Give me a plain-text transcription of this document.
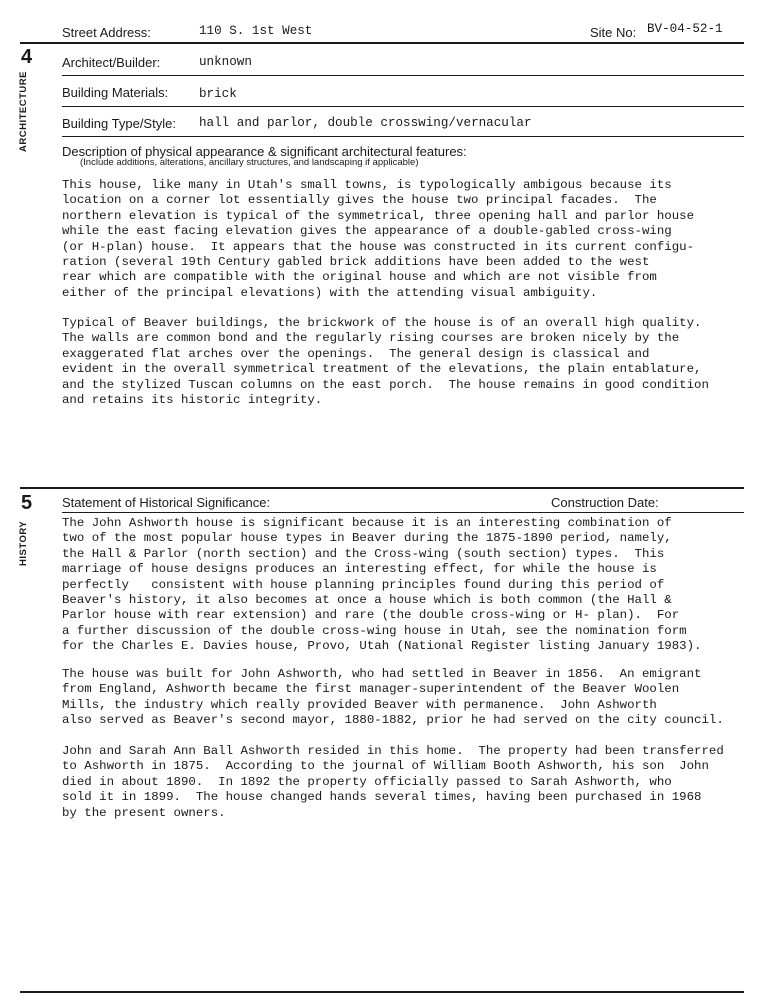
Street Address:	110 S. 1st West	Site No: BV-04-52-1
4
ARCHITECTURE
Architect/Builder:	unknown
Building Materials: brick
Building Type/Style: hall and parlor, double crosswing/vernacular
Description of physical appearance & significant architectural features:
(Include additions, alterations, ancillary structures, and landscaping if applicable)
This house, like many in Utah's small towns, is typologically ambigous because its
location on a corner lot essentially gives the house two principal facades.  The
northern elevation is typical of the symmetrical, three opening hall and parlor house
while the east facing elevation gives the appearance of a double-gabled cross-wing
(or H-plan) house.  It appears that the house was constructed in its current configu-
ration (several 19th Century gabled brick additions have been added to the west
rear which are compatible with the original house and which are not visible from
either of the principal elevations) with the attending visual ambiguity.
Typical of Beaver buildings, the brickwork of the house is of an overall high quality.
The walls are common bond and the regularly rising courses are broken nicely by the
exaggerated flat arches over the openings.  The general design is classical and
evident in the overall symmetrical treatment of the elevations, the plain entablature,
and the stylized Tuscan columns on the east porch.  The house remains in good condition
and retains its historic integrity.
5
HISTORY
Statement of Historical Significance:	Construction Date:
The John Ashworth house is significant because it is an interesting combination of
two of the most popular house types in Beaver during the 1875-1890 period, namely,
the Hall & Parlor (north section) and the Cross-wing (south section) types.  This
marriage of house designs produces an interesting effect, for while the house is
perfectly   consistent with house planning principles found during this period of
Beaver's history, it also becomes at once a house which is both common (the Hall &
Parlor house with rear extension) and rare (the double cross-wing or H- plan).  For
a further discussion of the double cross-wing house in Utah, see the nomination form
for the Charles E. Davies house, Provo, Utah (National Register listing January 1983).
The house was built for John Ashworth, who had settled in Beaver in 1856.  An emigrant
from England, Ashworth became the first manager-superintendent of the Beaver Woolen
Mills, the industry which really provided Beaver with permanence.  John Ashworth
also served as Beaver's second mayor, 1880-1882, prior he had served on the city council.
John and Sarah Ann Ball Ashworth resided in this home.  The property had been transferred
to Ashworth in 1875.  According to the journal of William Booth Ashworth, his son  John
died in about 1890.  In 1892 the property officially passed to Sarah Ashworth, who
sold it in 1899.  The house changed hands several times, having been purchased in 1968
by the present owners.
